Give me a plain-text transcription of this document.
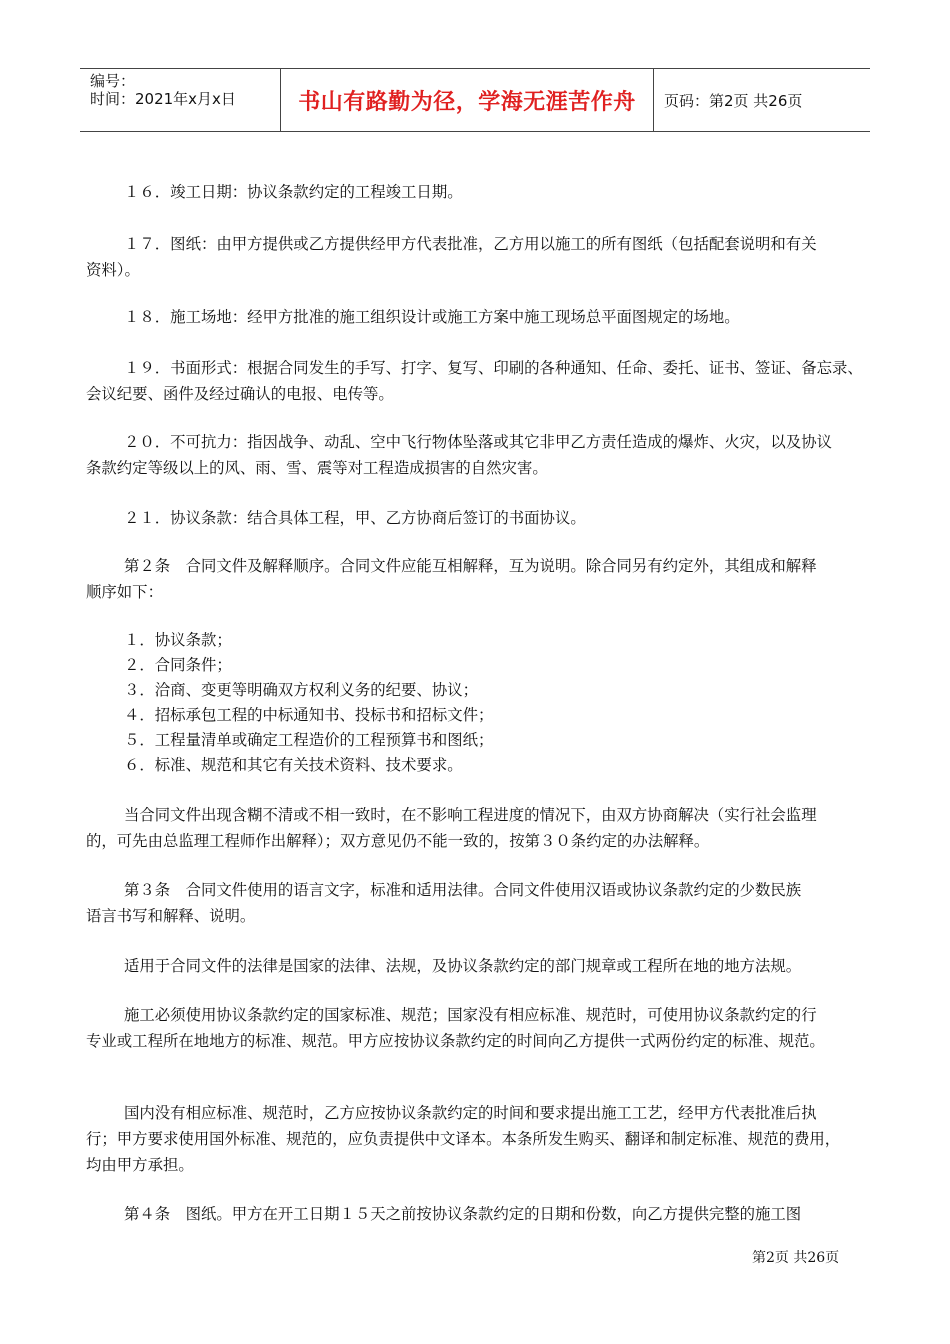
编号：
时间：2021年x月x日	书山有路勤为径，学海无涯苦作舟	页码：第2页 共26页
１６．竣工日期：协议条款约定的工程竣工日期。
１７．图纸：由甲方提供或乙方提供经甲方代表批准，乙方用以施工的所有图纸（包括配套说明和有关
资料）。
１８．施工场地：经甲方批准的施工组织设计或施工方案中施工现场总平面图规定的场地。
１９．书面形式：根据合同发生的手写、打字、复写、印刷的各种通知、任命、委托、证书、签证、备忘录、
会议纪要、函件及经过确认的电报、电传等。
２０．不可抗力：指因战争、动乱、空中飞行物体坠落或其它非甲乙方责任造成的爆炸、火灾，以及协议
条款约定等级以上的风、雨、雪、震等对工程造成损害的自然灾害。
２１．协议条款：结合具体工程，甲、乙方协商后签订的书面协议。
第２条　合同文件及解释顺序。合同文件应能互相解释，互为说明。除合同另有约定外，其组成和解释
顺序如下：
１．协议条款；
２．合同条件；
３．洽商、变更等明确双方权利义务的纪要、协议；
４．招标承包工程的中标通知书、投标书和招标文件；
５．工程量清单或确定工程造价的工程预算书和图纸；
６．标准、规范和其它有关技术资料、技术要求。
当合同文件出现含糊不清或不相一致时，在不影响工程进度的情况下，由双方协商解决（实行社会监理
的，可先由总监理工程师作出解释）；双方意见仍不能一致的，按第３０条约定的办法解释。
第３条　合同文件使用的语言文字，标准和适用法律。合同文件使用汉语或协议条款约定的少数民族
语言书写和解释、说明。
适用于合同文件的法律是国家的法律、法规，及协议条款约定的部门规章或工程所在地的地方法规。
施工必须使用协议条款约定的国家标准、规范；国家没有相应标准、规范时，可使用协议条款约定的行
专业或工程所在地地方的标准、规范。甲方应按协议条款约定的时间向乙方提供一式两份约定的标准、规范。
国内没有相应标准、规范时，乙方应按协议条款约定的时间和要求提出施工工艺，经甲方代表批准后执
行；甲方要求使用国外标准、规范的，应负责提供中文译本。本条所发生购买、翻译和制定标准、规范的费用，
均由甲方承担。
第４条　图纸。甲方在开工日期１５天之前按协议条款约定的日期和份数，向乙方提供完整的施工图
第2页 共26页
